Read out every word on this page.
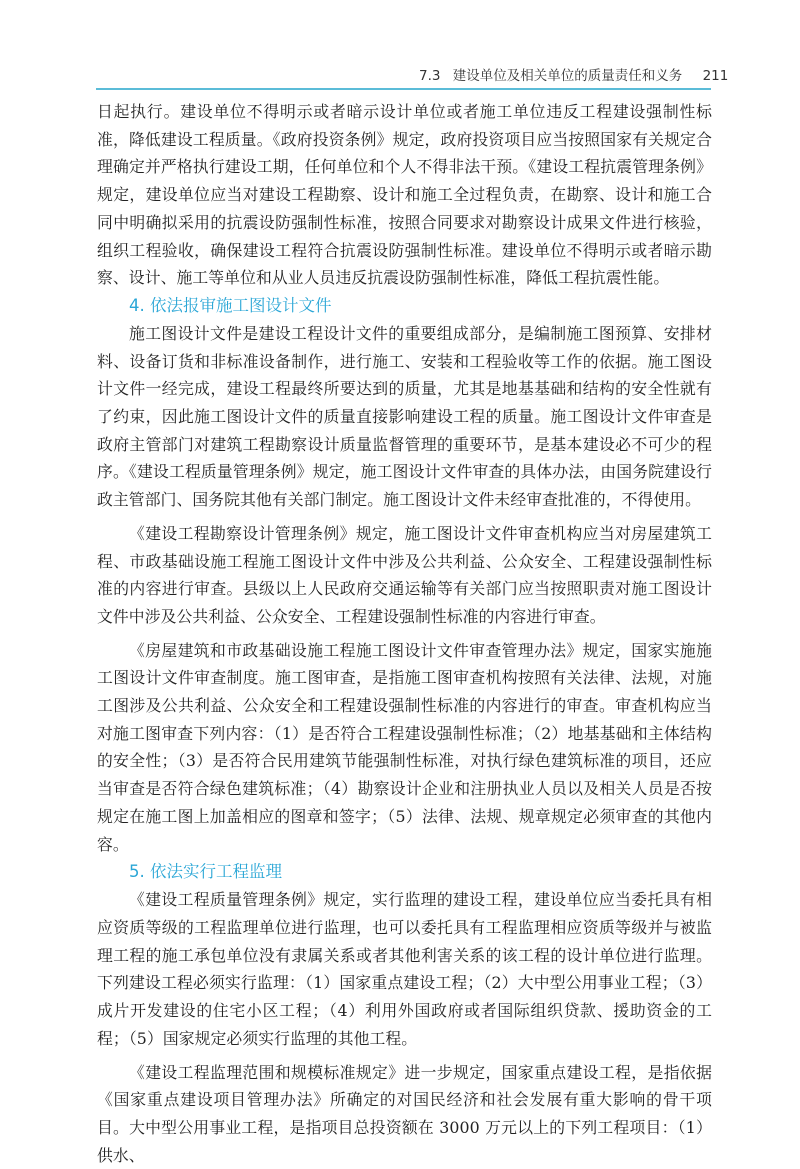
7.3 建设单位及相关单位的质量责任和义务 211

日起执行。建设单位不得明示或者暗示设计单位或者施工单位违反工程建设强制性标准，降低建设工程质量。《政府投资条例》规定，政府投资项目应当按照国家有关规定合理确定并严格执行建设工期，任何单位和个人不得非法干预。《建设工程抗震管理条例》规定，建设单位应当对建设工程勘察、设计和施工全过程负责，在勘察、设计和施工合同中明确拟采用的抗震设防强制性标准，按照合同要求对勘察设计成果文件进行核验，组织工程验收，确保建设工程符合抗震设防强制性标准。建设单位不得明示或者暗示勘察、设计、施工等单位和从业人员违反抗震设防强制性标准，降低工程抗震性能。

4. 依法报审施工图设计文件

施工图设计文件是建设工程设计文件的重要组成部分，是编制施工图预算、安排材料、设备订货和非标准设备制作，进行施工、安装和工程验收等工作的依据。施工图设计文件一经完成，建设工程最终所要达到的质量，尤其是地基基础和结构的安全性就有了约束，因此施工图设计文件的质量直接影响建设工程的质量。施工图设计文件审查是政府主管部门对建筑工程勘察设计质量监督管理的重要环节，是基本建设必不可少的程序。《建设工程质量管理条例》规定，施工图设计文件审查的具体办法，由国务院建设行政主管部门、国务院其他有关部门制定。施工图设计文件未经审查批准的，不得使用。

《建设工程勘察设计管理条例》规定，施工图设计文件审查机构应当对房屋建筑工程、市政基础设施工程施工图设计文件中涉及公共利益、公众安全、工程建设强制性标准的内容进行审查。县级以上人民政府交通运输等有关部门应当按照职责对施工图设计文件中涉及公共利益、公众安全、工程建设强制性标准的内容进行审查。

《房屋建筑和市政基础设施工程施工图设计文件审查管理办法》规定，国家实施施工图设计文件审查制度。施工图审查，是指施工图审查机构按照有关法律、法规，对施工图涉及公共利益、公众安全和工程建设强制性标准的内容进行的审查。审查机构应当对施工图审查下列内容：（1）是否符合工程建设强制性标准；（2）地基基础和主体结构的安全性；（3）是否符合民用建筑节能强制性标准，对执行绿色建筑标准的项目，还应当审查是否符合绿色建筑标准；（4）勘察设计企业和注册执业人员以及相关人员是否按规定在施工图上加盖相应的图章和签字；（5）法律、法规、规章规定必须审查的其他内容。

5. 依法实行工程监理

《建设工程质量管理条例》规定，实行监理的建设工程，建设单位应当委托具有相应资质等级的工程监理单位进行监理，也可以委托具有工程监理相应资质等级并与被监理工程的施工承包单位没有隶属关系或者其他利害关系的该工程的设计单位进行监理。下列建设工程必须实行监理：（1）国家重点建设工程；（2）大中型公用事业工程；（3）成片开发建设的住宅小区工程；（4）利用外国政府或者国际组织贷款、援助资金的工程；（5）国家规定必须实行监理的其他工程。

《建设工程监理范围和规模标准规定》进一步规定，国家重点建设工程，是指依据《国家重点建设项目管理办法》所确定的对国民经济和社会发展有重大影响的骨干项目。大中型公用事业工程，是指项目总投资额在 3000 万元以上的下列工程项目：（1）供水、
